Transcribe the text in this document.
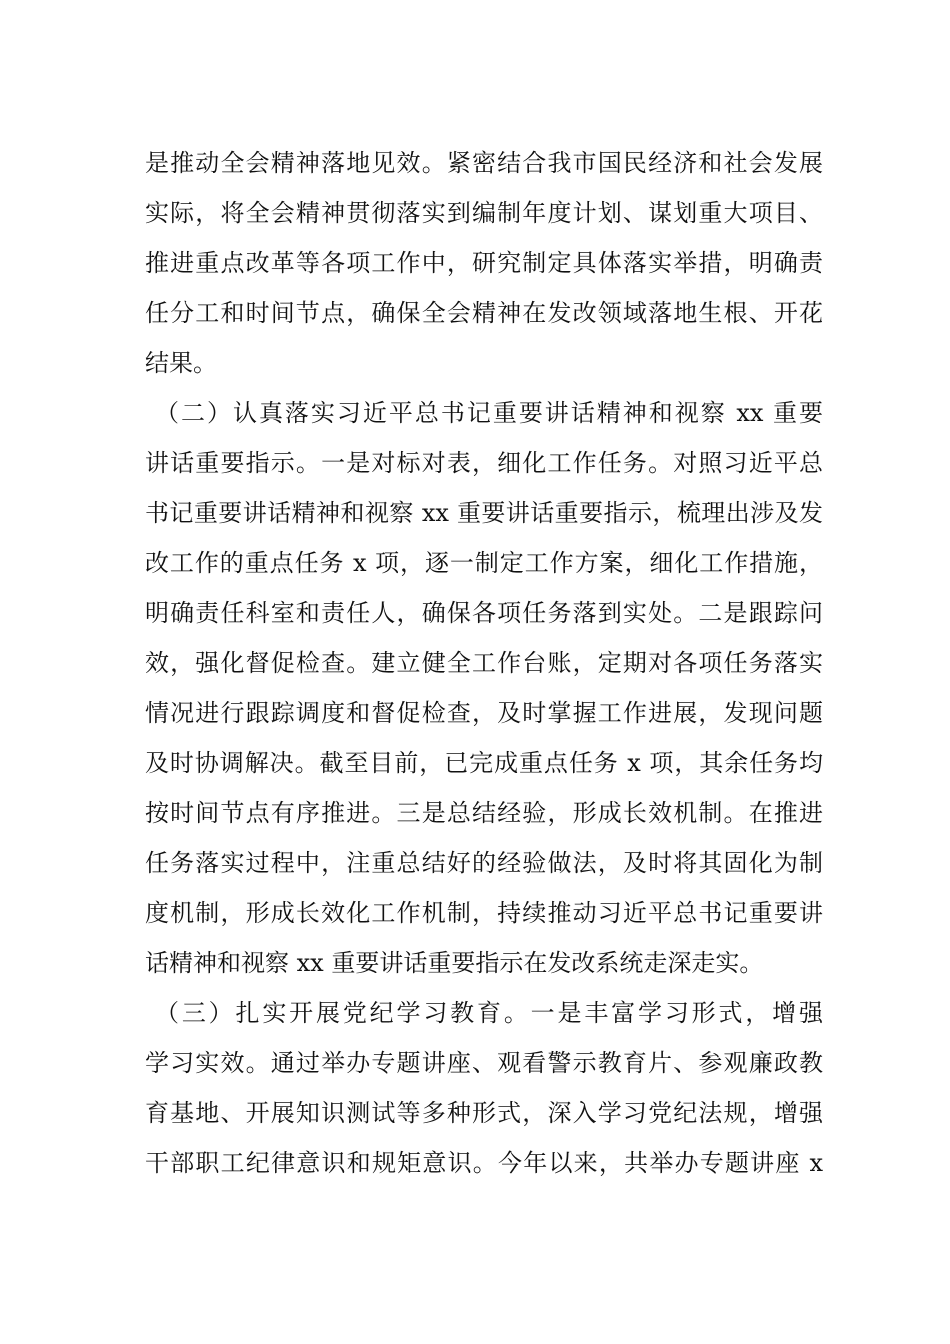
是推动全会精神落地见效。紧密结合我市国民经济和社会发展
实际，将全会精神贯彻落实到编制年度计划、谋划重大项目、
推进重点改革等各项工作中，研究制定具体落实举措，明确责
任分工和时间节点，确保全会精神在发改领域落地生根、开花
结果。
（二）认真落实习近平总书记重要讲话精神和视察 xx 重要
讲话重要指示。一是对标对表，细化工作任务。对照习近平总
书记重要讲话精神和视察 xx 重要讲话重要指示，梳理出涉及发
改工作的重点任务 x 项，逐一制定工作方案，细化工作措施，
明确责任科室和责任人，确保各项任务落到实处。二是跟踪问
效，强化督促检查。建立健全工作台账，定期对各项任务落实
情况进行跟踪调度和督促检查，及时掌握工作进展，发现问题
及时协调解决。截至目前，已完成重点任务 x 项，其余任务均
按时间节点有序推进。三是总结经验，形成长效机制。在推进
任务落实过程中，注重总结好的经验做法，及时将其固化为制
度机制，形成长效化工作机制，持续推动习近平总书记重要讲
话精神和视察 xx 重要讲话重要指示在发改系统走深走实。
（三）扎实开展党纪学习教育。一是丰富学习形式，增强
学习实效。通过举办专题讲座、观看警示教育片、参观廉政教
育基地、开展知识测试等多种形式，深入学习党纪法规，增强
干部职工纪律意识和规矩意识。今年以来，共举办专题讲座 x
